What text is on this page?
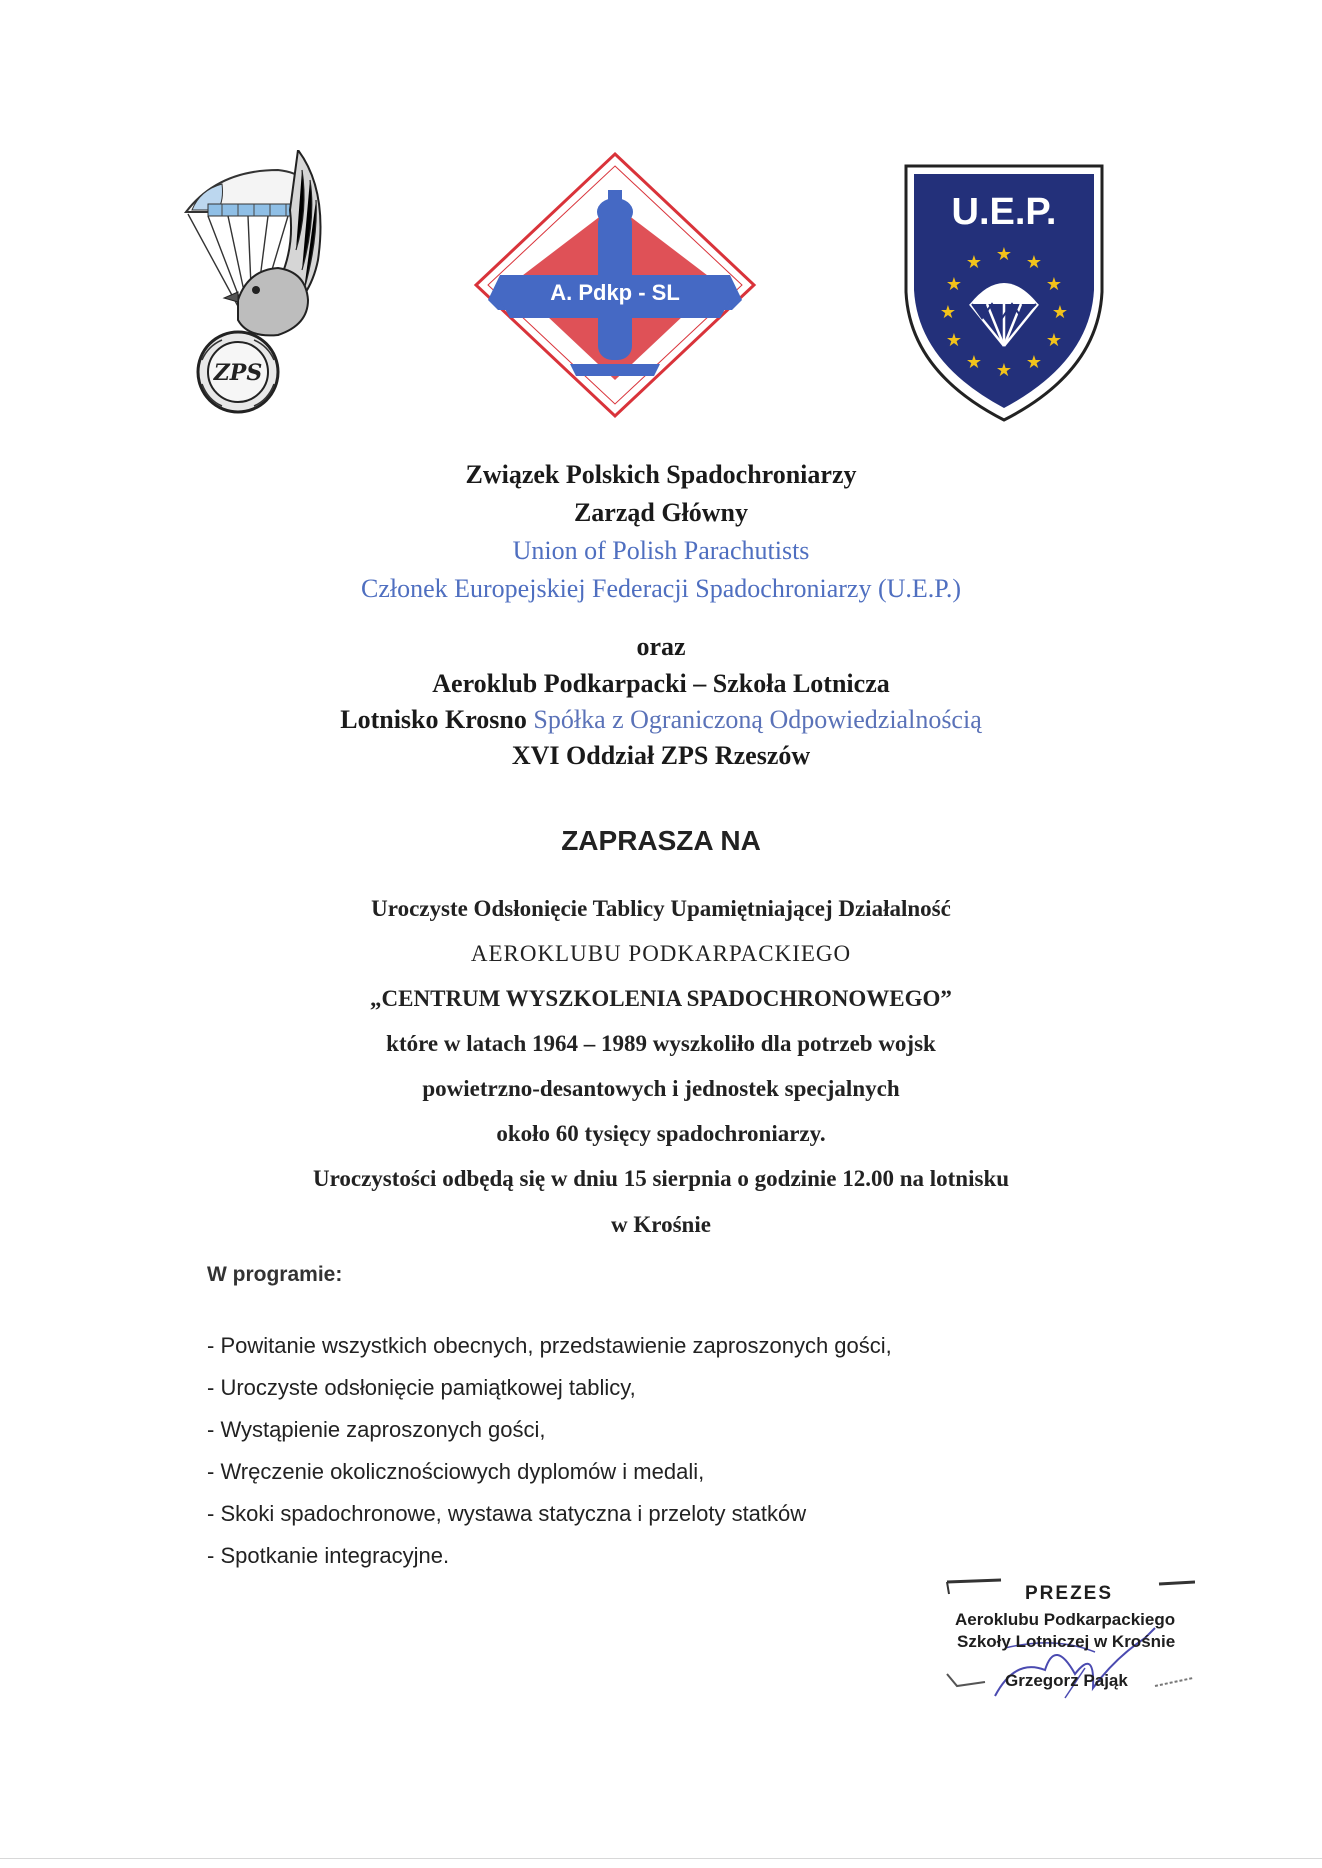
ZPS
A. Pdkp - SL
U.E.P.
★
★ ★
★	★
★	★
★	★
★ ★
★
Związek Polskich Spadochroniarzy
Zarząd Główny
Union of Polish Parachutists
Członek Europejskiej Federacji Spadochroniarzy (U.E.P.)
oraz
Aeroklub Podkarpacki – Szkoła Lotnicza
Lotnisko Krosno Spółka z Ograniczoną Odpowiedzialnością
XVI Oddział ZPS Rzeszów
ZAPRASZA NA
Uroczyste Odsłonięcie Tablicy Upamiętniającej Działalność
AEROKLUBU PODKARPACKIEGO
„CENTRUM WYSZKOLENIA SPADOCHRONOWEGO”
które w latach 1964 – 1989 wyszkoliło dla potrzeb wojsk
powietrzno-desantowych i jednostek specjalnych
około 60 tysięcy spadochroniarzy.
Uroczystości odbędą się w dniu 15 sierpnia o godzinie 12.00 na lotnisku
w Krośnie
W programie:
- Powitanie wszystkich obecnych, przedstawienie zaproszonych gości,
- Uroczyste odsłonięcie pamiątkowej tablicy,
- Wystąpienie zaproszonych gości,
- Wręczenie okolicznościowych dyplomów i medali,
- Skoki spadochronowe, wystawa statyczna i przeloty statków
- Spotkanie integracyjne.
PREZES
Aeroklubu Podkarpackiego
Szkoły Lotniczej w Krośnie
Grzegorz Pająk
